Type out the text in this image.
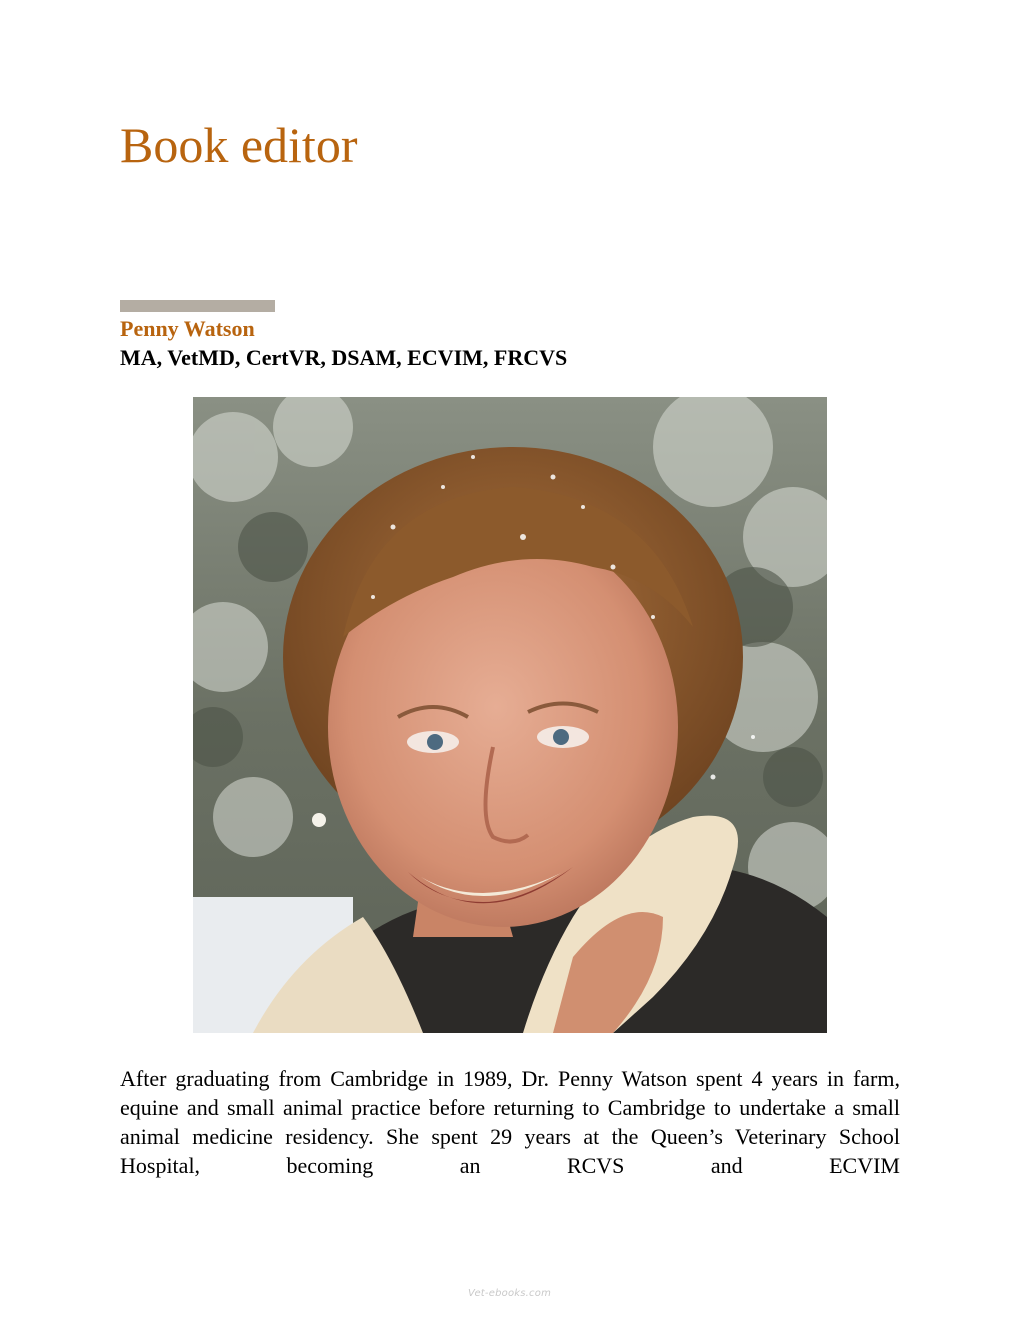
Book editor
Penny Watson
MA, VetMD, CertVR, DSAM, ECVIM, FRCVS

After graduating from Cambridge in 1989, Dr. Penny Watson spent 4 years in farm, equine and small animal practice before returning to Cambridge to undertake a small animal medicine residency. She spent 29 years at the Queen’s Veterinary School Hospital, becoming an RCVS and ECVIM

Vet-ebooks.com
